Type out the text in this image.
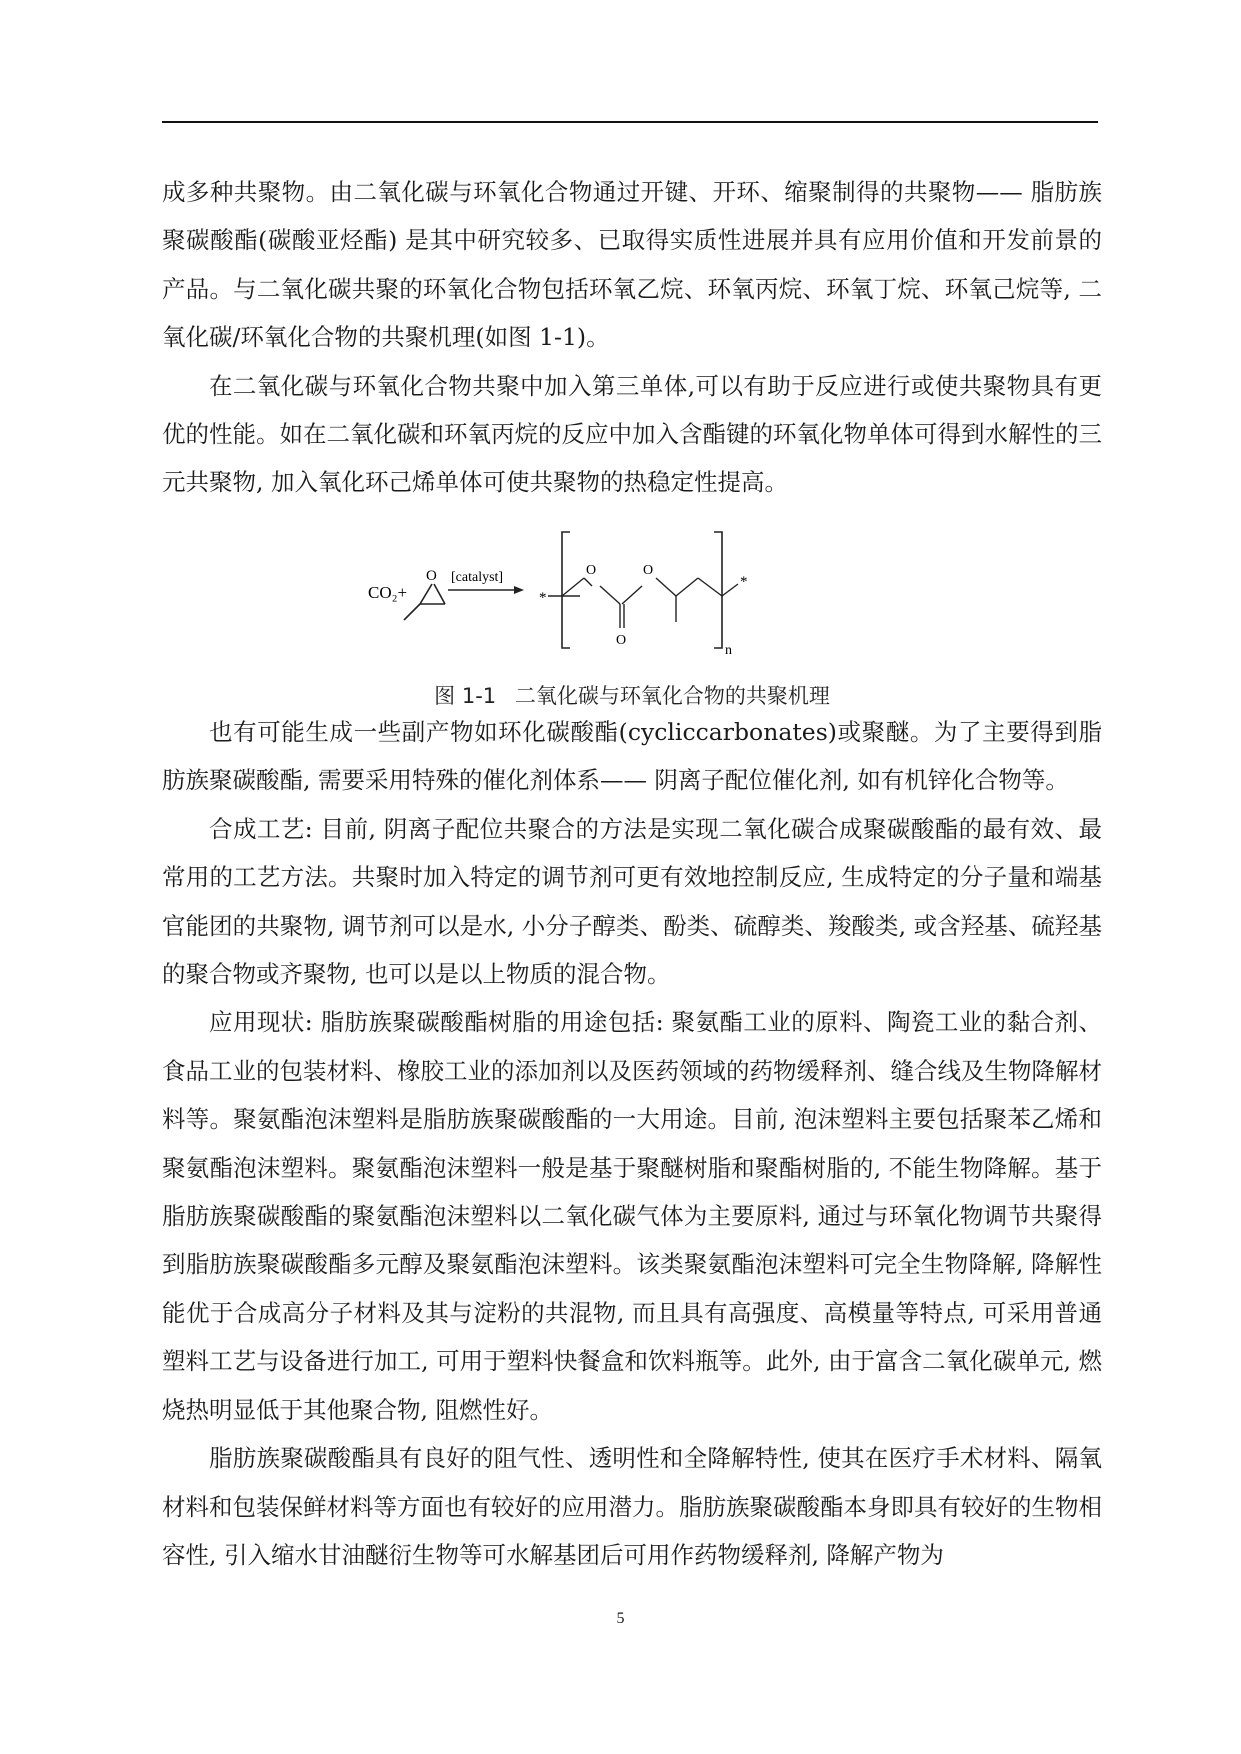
成多种共聚物。由二氧化碳与环氧化合物通过开键、开环、缩聚制得的共聚物—— 脂肪族聚碳酸酯(碳酸亚烃酯) 是其中研究较多、已取得实质性进展并具有应用价值和开发前景的产品。与二氧化碳共聚的环氧化合物包括环氧乙烷、环氧丙烷、环氧丁烷、环氧己烷等, 二氧化碳/环氧化合物的共聚机理(如图 1-1)。

在二氧化碳与环氧化合物共聚中加入第三单体,可以有助于反应进行或使共聚物具有更优的性能。如在二氧化碳和环氧丙烷的反应中加入含酯键的环氧化物单体可得到水解性的三元共聚物, 加入氧化环己烯单体可使共聚物的热稳定性提高。

CO₂+
O [catalyst]
*
O
O
O
n
*
图 1-1 二氧化碳与环氧化合物的共聚机理

也有可能生成一些副产物如环化碳酸酯(cycliccarbonates)或聚醚。为了主要得到脂肪族聚碳酸酯, 需要采用特殊的催化剂体系—— 阴离子配位催化剂, 如有机锌化合物等。

合成工艺: 目前, 阴离子配位共聚合的方法是实现二氧化碳合成聚碳酸酯的最有效、最常用的工艺方法。共聚时加入特定的调节剂可更有效地控制反应, 生成特定的分子量和端基官能团的共聚物, 调节剂可以是水, 小分子醇类、酚类、硫醇类、羧酸类, 或含羟基、硫羟基的聚合物或齐聚物, 也可以是以上物质的混合物。

应用现状: 脂肪族聚碳酸酯树脂的用途包括: 聚氨酯工业的原料、陶瓷工业的黏合剂、食品工业的包装材料、橡胶工业的添加剂以及医药领域的药物缓释剂、缝合线及生物降解材料等。聚氨酯泡沫塑料是脂肪族聚碳酸酯的一大用途。目前, 泡沫塑料主要包括聚苯乙烯和聚氨酯泡沫塑料。聚氨酯泡沫塑料一般是基于聚醚树脂和聚酯树脂的, 不能生物降解。基于脂肪族聚碳酸酯的聚氨酯泡沫塑料以二氧化碳气体为主要原料, 通过与环氧化物调节共聚得到脂肪族聚碳酸酯多元醇及聚氨酯泡沫塑料。该类聚氨酯泡沫塑料可完全生物降解, 降解性能优于合成高分子材料及其与淀粉的共混物, 而且具有高强度、高模量等特点, 可采用普通塑料工艺与设备进行加工, 可用于塑料快餐盒和饮料瓶等。此外, 由于富含二氧化碳单元, 燃烧热明显低于其他聚合物, 阻燃性好。

脂肪族聚碳酸酯具有良好的阻气性、透明性和全降解特性, 使其在医疗手术材料、隔氧材料和包装保鲜材料等方面也有较好的应用潜力。脂肪族聚碳酸酯本身即具有较好的生物相容性, 引入缩水甘油醚衍生物等可水解基团后可用作药物缓释剂, 降解产物为

5
